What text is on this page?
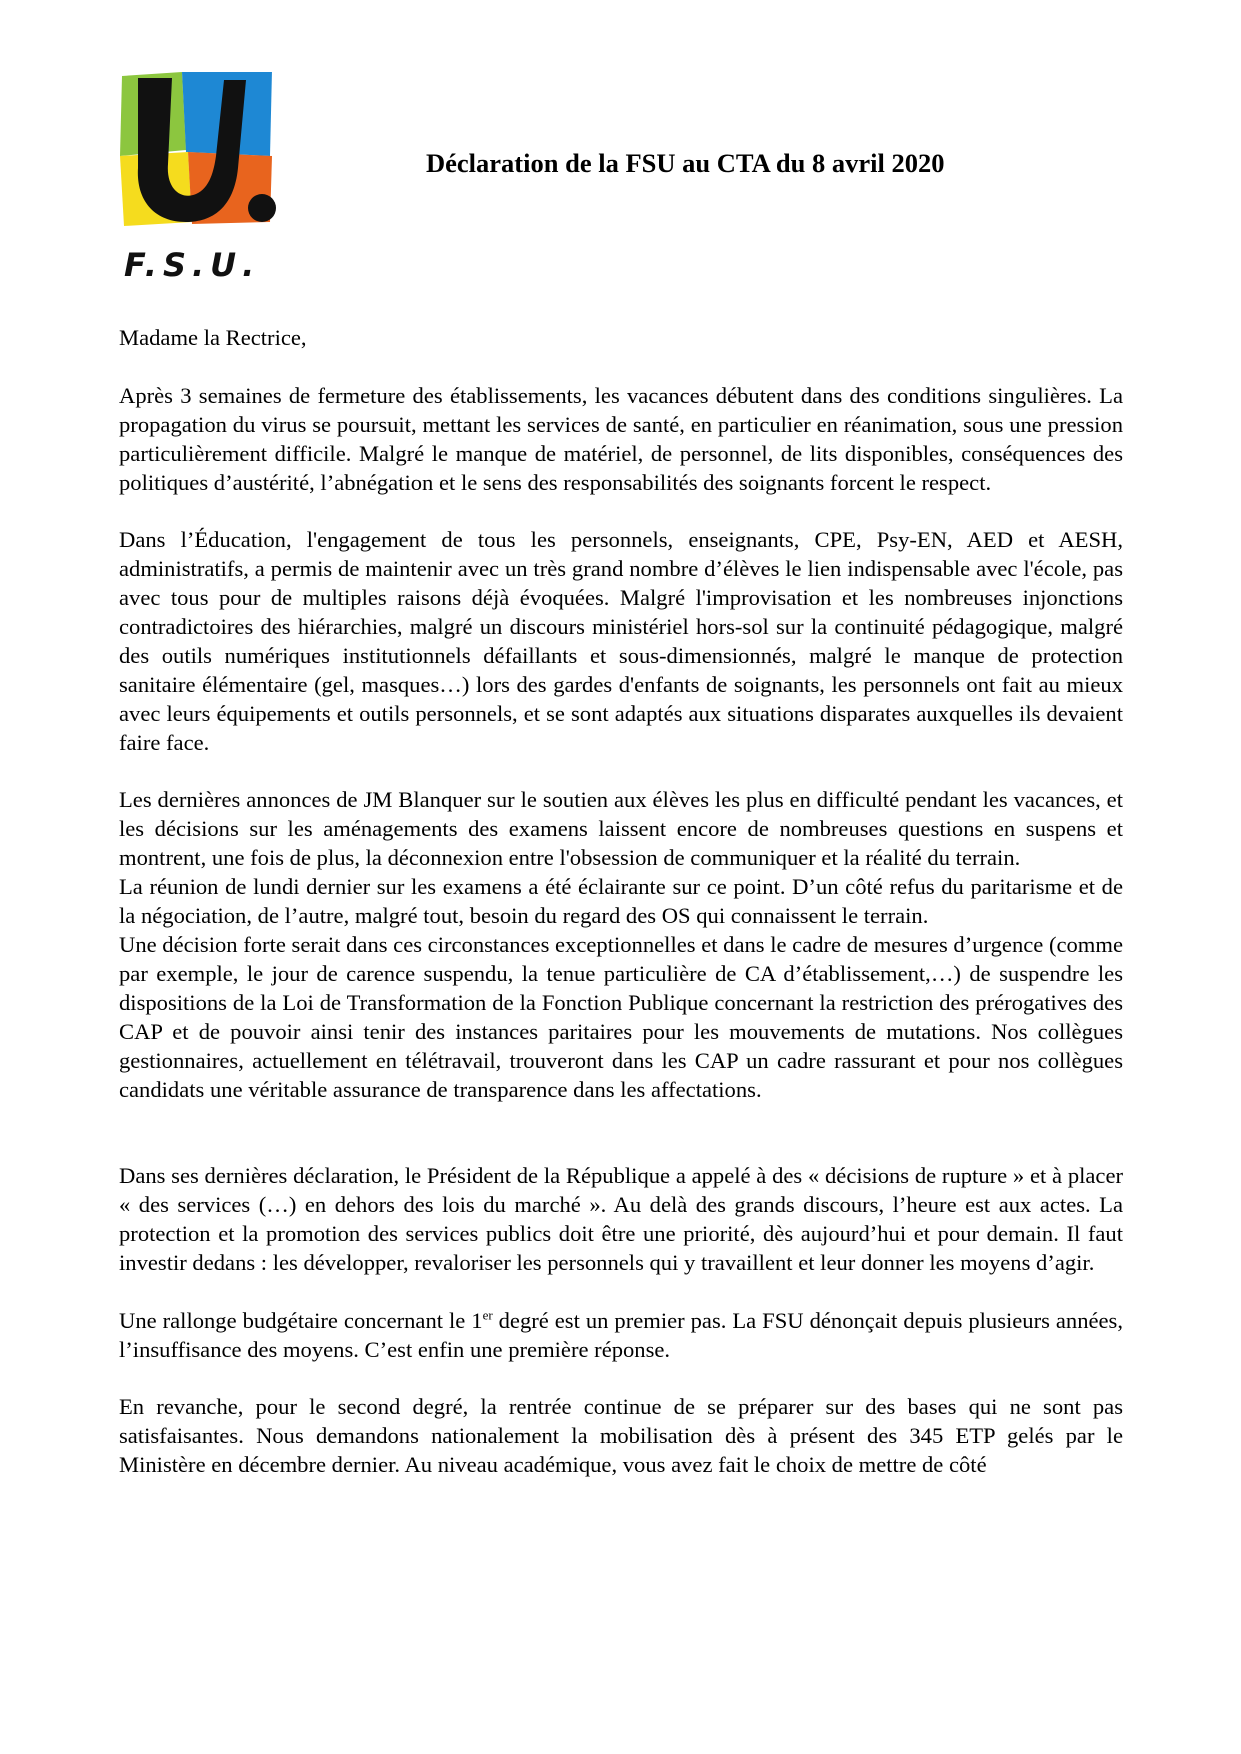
F.S.U.
Déclaration de la FSU au CTA du 8 avril 2020

Madame la Rectrice,

Après 3 semaines de fermeture des établissements, les vacances débutent dans des conditions singulières. La propagation du virus se poursuit, mettant les services de santé, en particulier en réanimation, sous une pression particulièrement difficile. Malgré le manque de matériel, de personnel, de lits disponibles, conséquences des politiques d’austérité, l’abnégation et le sens des responsabilités des soignants forcent le respect.

Dans l’Éducation, l'engagement de tous les personnels, enseignants, CPE, Psy-EN, AED et AESH, administratifs, a permis de maintenir avec un très grand nombre d’élèves le lien indispensable avec l'école, pas avec tous pour de multiples raisons déjà évoquées. Malgré l'improvisation et les nombreuses injonctions contradictoires des hiérarchies, malgré un discours ministériel hors-sol sur la continuité pédagogique, malgré des outils numériques institutionnels défaillants et sous-dimensionnés, malgré le manque de protection sanitaire élémentaire (gel, masques…) lors des gardes d'enfants de soignants, les personnels ont fait au mieux avec leurs équipements et outils personnels, et se sont adaptés aux situations disparates auxquelles ils devaient faire face.

Les dernières annonces de JM Blanquer sur le soutien aux élèves les plus en difficulté pendant les vacances, et les décisions sur les aménagements des examens laissent encore de nombreuses questions en suspens et montrent, une fois de plus, la déconnexion entre l'obsession de communiquer et la réalité du terrain.

La réunion de lundi dernier sur les examens a été éclairante sur ce point. D’un côté refus du paritarisme et de la négociation, de l’autre, malgré tout, besoin du regard des OS qui connaissent le terrain.

Une décision forte serait dans ces circonstances exceptionnelles et dans le cadre de mesures d’urgence (comme par exemple, le jour de carence suspendu, la tenue particulière de CA d’établissement,…) de suspendre les dispositions de la Loi de Transformation de la Fonction Publique concernant la restriction des prérogatives des CAP et de pouvoir ainsi tenir des instances paritaires pour les mouvements de mutations. Nos collègues gestionnaires, actuellement en télétravail, trouveront dans les CAP un cadre rassurant et pour nos collègues candidats une véritable assurance de transparence dans les affectations.

Dans ses dernières déclaration, le Président de la République a appelé à des « décisions de rupture » et à placer « des services (…) en dehors des lois du marché ». Au delà des grands discours, l’heure est aux actes. La protection et la promotion des services publics doit être une priorité, dès aujourd’hui et pour demain. Il faut investir dedans : les développer, revaloriser les personnels qui y travaillent et leur donner les moyens d’agir.

Une rallonge budgétaire concernant le 1er degré est un premier pas. La FSU dénonçait depuis plusieurs années, l’insuffisance des moyens. C’est enfin une première réponse.

En revanche, pour le second degré, la rentrée continue de se préparer sur des bases qui ne sont pas satisfaisantes. Nous demandons nationalement la mobilisation dès à présent des 345 ETP gelés par le Ministère en décembre dernier. Au niveau académique, vous avez fait le choix de mettre de côté
